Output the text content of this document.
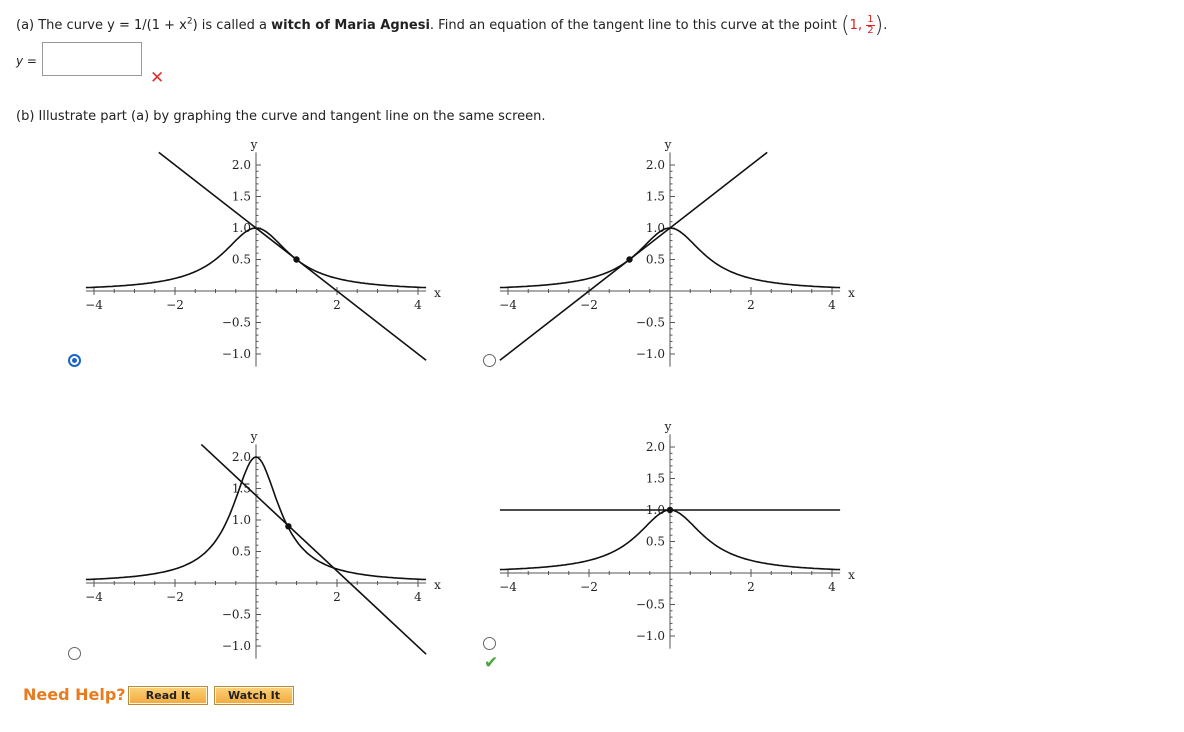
(a) The curve $y = 1/(1 + x^2)$ is called a witch of Maria Agnesi. Find an equation of the tangent line to this curve at the point (1, $\frac{1}{2}$ ).
y =
✕
(b) Illustrate part (a) by graphing the curve and tangent line on the same screen.
−4	−2	2	4
2.0
1.5
1.0
0.5
−0.5
−1.0
x
y
−4	−2	2	4
2.0
1.5
1.0
0.5
−0.5
−1.0
x
y
−4	−2	2	4
2.0
1.5
1.0
0.5
−0.5
−1.0
x
y
−4	−2	2	4
2.0
1.5
1.0
0.5
−0.5
−1.0
x
y
✔
Need Help?	Read It	Watch It
